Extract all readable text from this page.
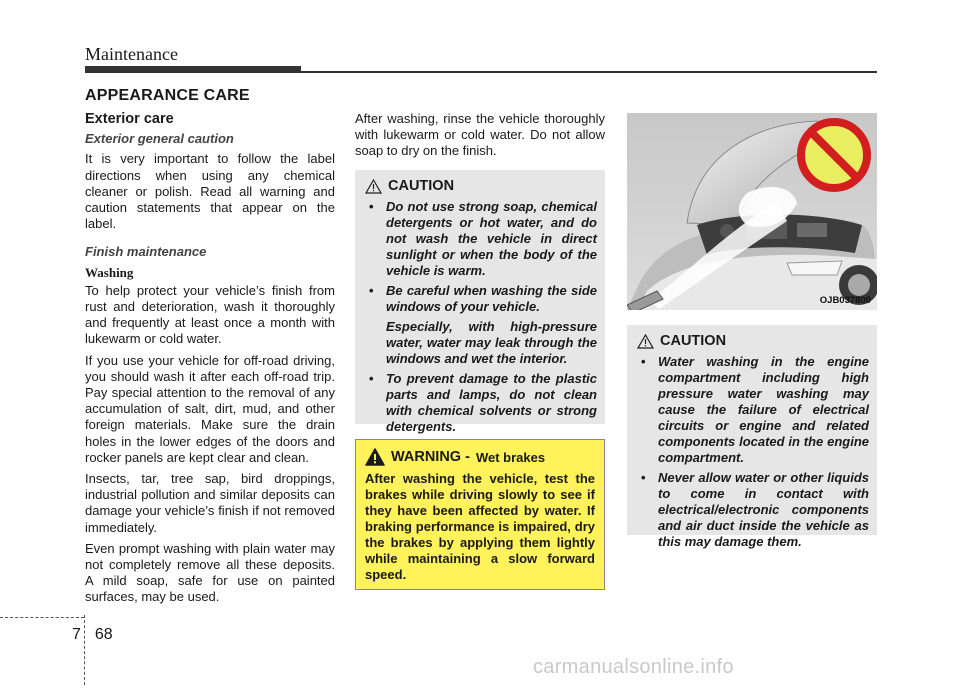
Maintenance
APPEARANCE CARE
Exterior care
Exterior general caution

It is very important to follow the label directions when using any chemical cleaner or polish. Read all warning and caution statements that appear on the label.

Finish maintenance
Washing

To help protect your vehicle’s finish from rust and deterioration, wash it thoroughly and frequently at least once a month with lukewarm or cold water.

If you use your vehicle for off-road driving, you should wash it after each off-road trip. Pay special attention to the removal of any accumulation of salt, dirt, mud, and other foreign materials. Make sure the drain holes in the lower edges of the doors and rocker panels are kept clear and clean.

Insects, tar, tree sap, bird droppings, industrial pollution and similar deposits can damage your vehicle’s finish if not removed immediately.

Even prompt washing with plain water may not completely remove all these deposits. A mild soap, safe for use on painted surfaces, may be used.

After washing, rinse the vehicle thoroughly with lukewarm or cold water. Do not allow soap to dry on the finish.

CAUTION
• Do not use strong soap, chemical detergents or hot water, and do not wash the vehicle in direct sunlight or when the body of the vehicle is warm.
• Be careful when washing the side windows of your vehicle.

Especially, with high-pressure water, water may leak through the windows and wet the interior.

• To prevent damage to the plastic parts and lamps, do not clean with chemical solvents or strong detergents.
WARNING - Wet brakes

After washing the vehicle, test the brakes while driving slowly to see if they have been affected by water. If braking performance is impaired, dry the brakes by applying them lightly while maintaining a slow forward speed.

OJB037800
CAUTION
• Water washing in the engine compartment including high pressure water washing may cause the failure of electrical circuits or engine and related components located in the engine compartment.
• Never allow water or other liquids to come in contact with electrical/electronic components and air duct inside the vehicle as this may damage them.
7 68
carmanualsonline.info
